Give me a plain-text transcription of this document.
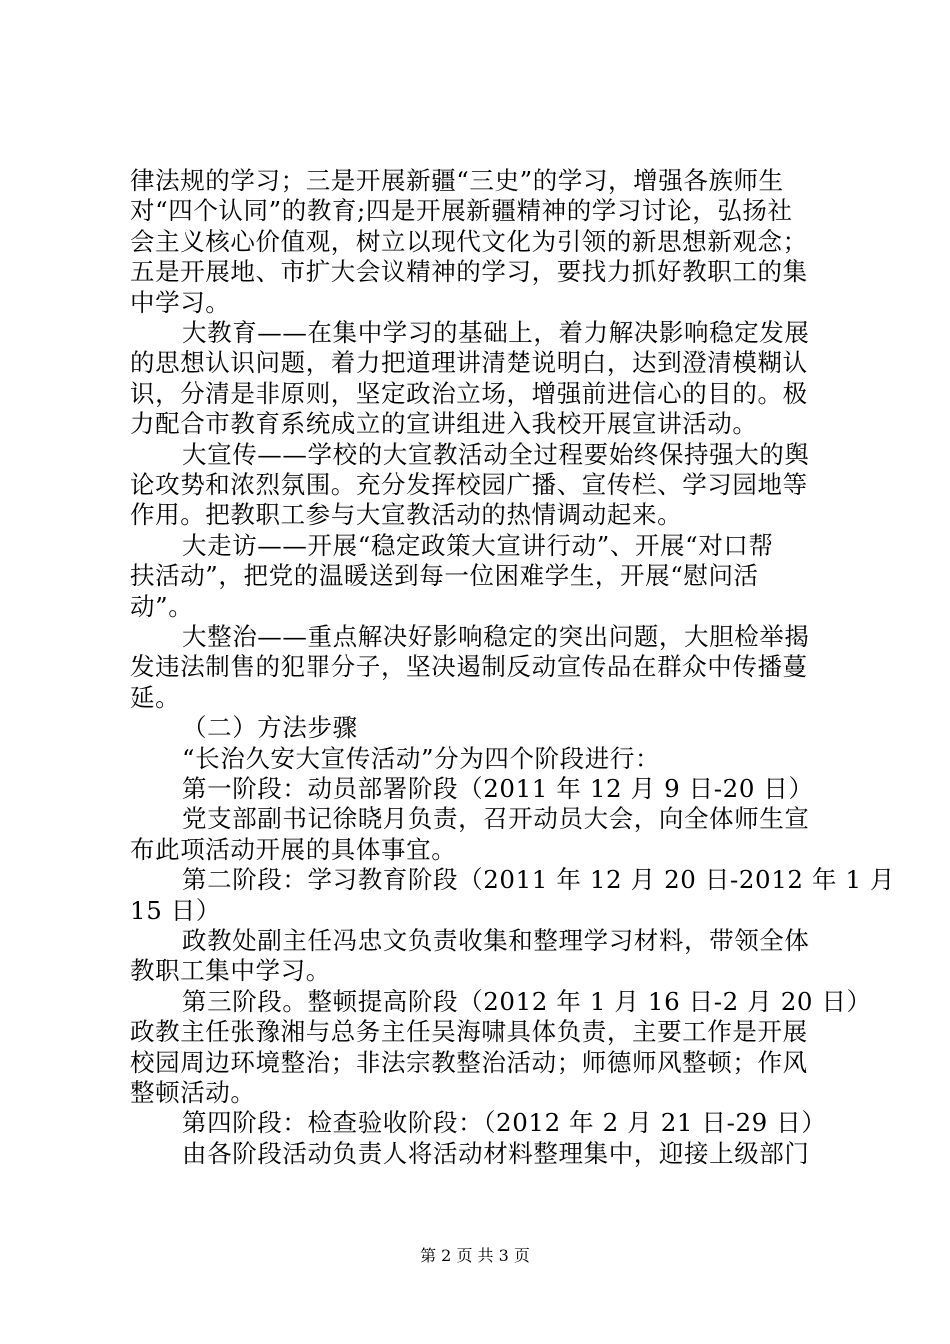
律法规的学习；三是开展新疆“三史”的学习，增强各族师生
对“四个认同”的教育;四是开展新疆精神的学习讨论，弘扬社
会主义核心价值观，树立以现代文化为引领的新思想新观念；
五是开展地、市扩大会议精神的学习，要找力抓好教职工的集
中学习。
大教育——在集中学习的基础上，着力解决影响稳定发展
的思想认识问题，着力把道理讲清楚说明白，达到澄清模糊认
识，分清是非原则，坚定政治立场，增强前进信心的目的。极
力配合市教育系统成立的宣讲组进入我校开展宣讲活动。
大宣传——学校的大宣教活动全过程要始终保持强大的舆
论攻势和浓烈氛围。充分发挥校园广播、宣传栏、学习园地等
作用。把教职工参与大宣教活动的热情调动起来。
大走访——开展“稳定政策大宣讲行动”、开展“对口帮
扶活动”，把党的温暖送到每一位困难学生，开展“慰问活
动”。
大整治——重点解决好影响稳定的突出问题，大胆检举揭
发违法制售的犯罪分子，坚决遏制反动宣传品在群众中传播蔓
延。
（二）方法步骤
“长治久安大宣传活动”分为四个阶段进行：
第一阶段：动员部署阶段（2011 年 12 月 9 日-20 日）
党支部副书记徐晓月负责，召开动员大会，向全体师生宣
布此项活动开展的具体事宜。
第二阶段：学习教育阶段（2011 年 12 月 20 日-2012 年 1 月
15 日）
政教处副主任冯忠文负责收集和整理学习材料，带领全体
教职工集中学习。
第三阶段。整顿提高阶段（2012 年 1 月 16 日-2 月 20 日）
政教主任张豫湘与总务主任吴海啸具体负责，主要工作是开展
校园周边环境整治；非法宗教整治活动；师德师风整顿；作风
整顿活动。
第四阶段：检查验收阶段：（2012 年 2 月 21 日-29 日）
由各阶段活动负责人将活动材料整理集中，迎接上级部门
第 2 页 共 3 页
